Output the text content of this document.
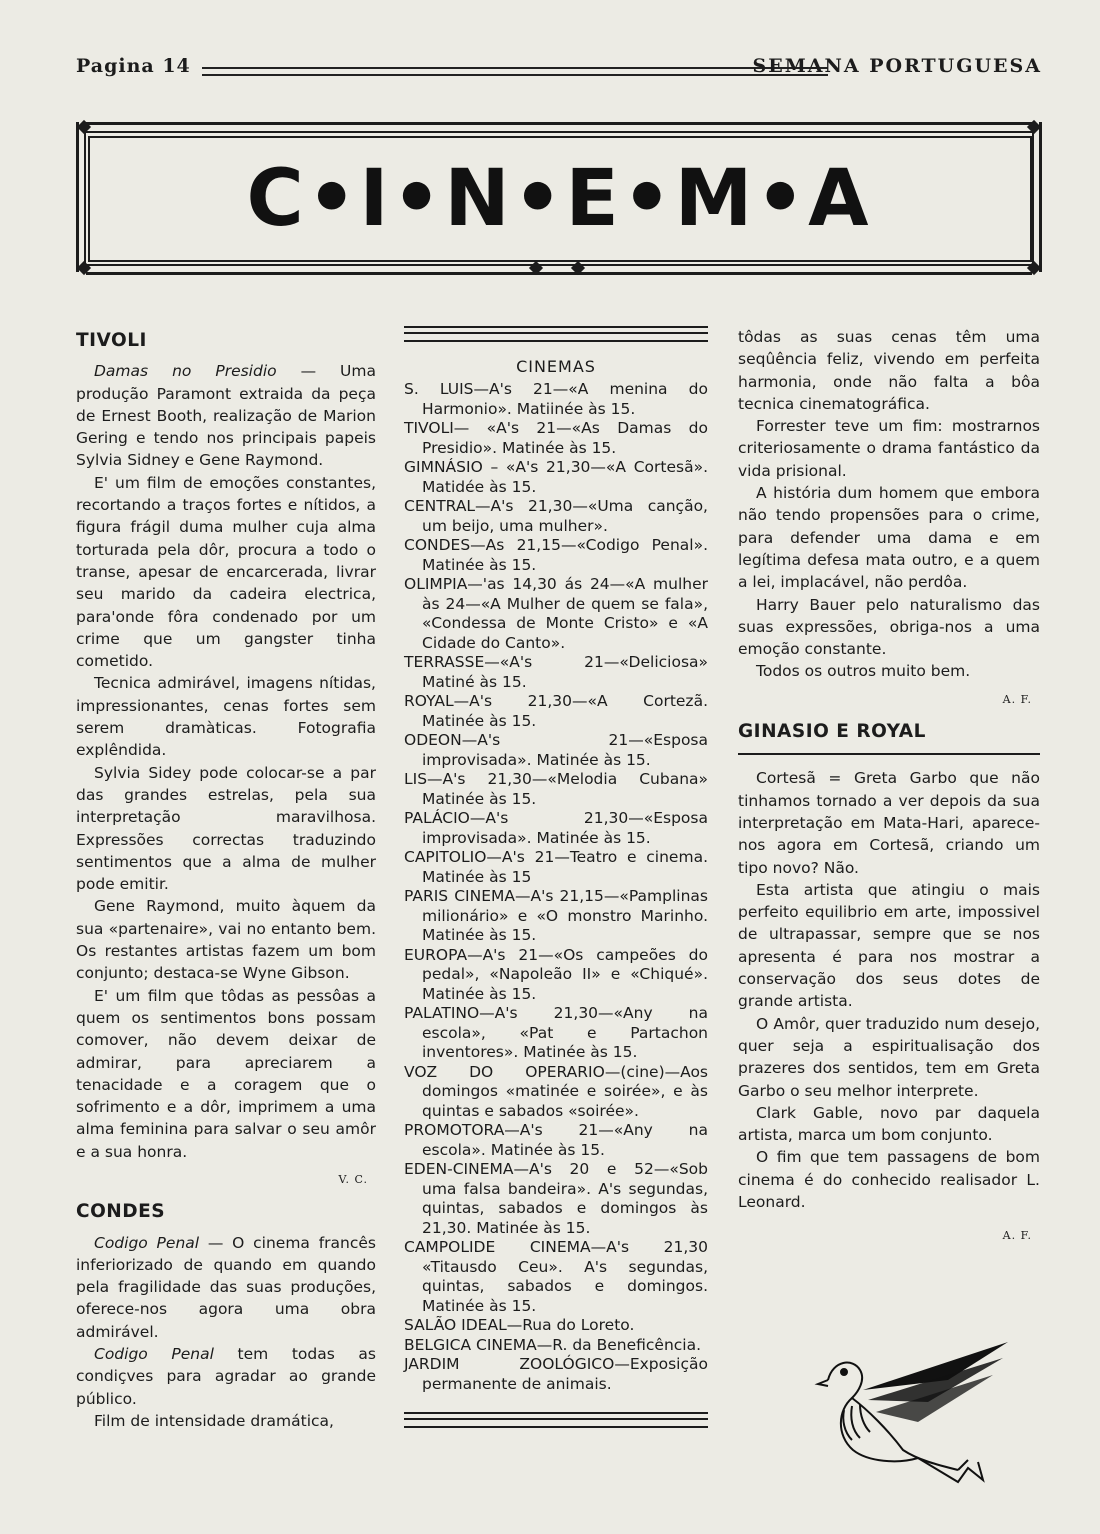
Pagina 14	SEMANA PORTUGUESA
C•I•N•E•M•A
TIVOLI

Damas no Presidio — Uma produção Paramont extraida da peça de Ernest Booth, realização de Marion Gering e tendo nos principais papeis Sylvia Sidney e Gene Raymond.

E' um film de emoções constantes, recortando a traços fortes e nítidos, a figura frágil duma mulher cuja alma torturada pela dôr, procura a todo o transe, apesar de encarcerada, livrar seu marido da cadeira electrica, para'onde fôra condenado por um crime que um gangster tinha cometido.

Tecnica admirável, imagens nítidas, impressionantes, cenas fortes sem serem dramàticas. Fotografia explêndida.

Sylvia Sidey pode colocar-se a par das grandes estrelas, pela sua interpretação maravilhosa. Expressões correctas traduzindo sentimentos que a alma de mulher pode emitir.

Gene Raymond, muito àquem da sua «partenaire», vai no entanto bem. Os restantes artistas fazem um bom conjunto; destaca-se Wyne Gibson.

E' um film que tôdas as pessôas a quem os sentimentos bons possam comover, não devem deixar de admirar, para apreciarem a tenacidade e a coragem que o sofrimento e a dôr, imprimem a uma alma feminina para salvar o seu amôr e a sua honra.

V. C.
CONDES

Codigo Penal — O cinema francês inferiorizado de quando em quando pela fragilidade das suas produções, oferece-nos agora uma obra admirável.

Codigo Penal tem todas as condiçves para agradar ao grande público.

Film de intensidade dramática,

CINEMAS

S. LUIS—A's 21—«A menina do Harmonio». Matiinée às 15.

TIVOLI— «A's 21—«As Damas do Presidio». Matinée às 15.

GIMNÁSIO – «A's 21,30—«A Cortesã». Matidée às 15.

CENTRAL—A's 21,30—«Uma canção, um beijo, uma mulher».

CONDES—As 21,15—«Codigo Penal». Matinée às 15.

OLIMPIA—'as 14,30 ás 24—«A mulher às 24—«A Mulher de quem se fala», «Condessa de Monte Cristo» e «A Cidade do Canto».

TERRASSE—«A's 21—«Deliciosa» Matiné às 15.

ROYAL—A's 21,30—«A Cortezã. Matinée às 15.

ODEON—A's 21—«Esposa improvisada». Matinée às 15.

LIS—A's 21,30—«Melodia Cubana» Matinée às 15.

PALÁCIO—A's 21,30—«Esposa improvisada». Matinée às 15.

CAPITOLIO—A's 21—Teatro e cinema. Matinée às 15

PARIS CINEMA—A's 21,15—«Pamplinas milionário» e «O monstro Marinho. Matinée às 15.

EUROPA—A's 21—«Os campeões do pedal», «Napoleão II» e «Chiqué». Matinée às 15.

PALATINO—A's 21,30—«Any na escola», «Pat e Partachon inventores». Matinée às 15.

VOZ DO OPERARIO—(cine)—Aos domingos «matinée e soirée», e às quintas e sabados «soirée».

PROMOTORA—A's 21—«Any na escola». Matinée às 15.

EDEN-CINEMA—A's 20 e 52—«Sob uma falsa bandeira». A's segundas, quintas, sabados e domingos às 21,30. Matinée às 15.

CAMPOLIDE CINEMA—A's 21,30 «Titausdo Ceu». A's segundas, quintas, sabados e domingos. Matinée às 15.

SALÃO IDEAL—Rua do Loreto.

BELGICA CINEMA—R. da Beneficência.

JARDIM ZOOLÓGICO—Exposição permanente de animais.

tôdas as suas cenas têm uma seqûência feliz, vivendo em perfeita harmonia, onde não falta a bôa tecnica cinematográfica.

Forrester teve um fim: mostrarnos criteriosamente o drama fantástico da vida prisional.

A história dum homem que embora não tendo propensões para o crime, para defender uma dama e em legítima defesa mata outro, e a quem a lei, implacável, não perdôa.

Harry Bauer pelo naturalismo das suas expressões, obriga-nos a uma emoção constante.

Todos os outros muito bem.

A. F.
GINASIO E ROYAL

Cortesã = Greta Garbo que não tinhamos tornado a ver depois da sua interpretação em Mata-Hari, aparece-nos agora em Cortesã, criando um tipo novo? Não.

Esta artista que atingiu o mais perfeito equilibrio em arte, impossivel de ultrapassar, sempre que se nos apresenta é para nos mostrar a conservação dos seus dotes de grande artista.

O Amôr, quer traduzido num desejo, quer seja a espiritualisação dos prazeres dos sentidos, tem em Greta Garbo o seu melhor interprete.

Clark Gable, novo par daquela artista, marca um bom conjunto.

O fim que tem passagens de bom cinema é do conhecido realisador L. Leonard.

A. F.
